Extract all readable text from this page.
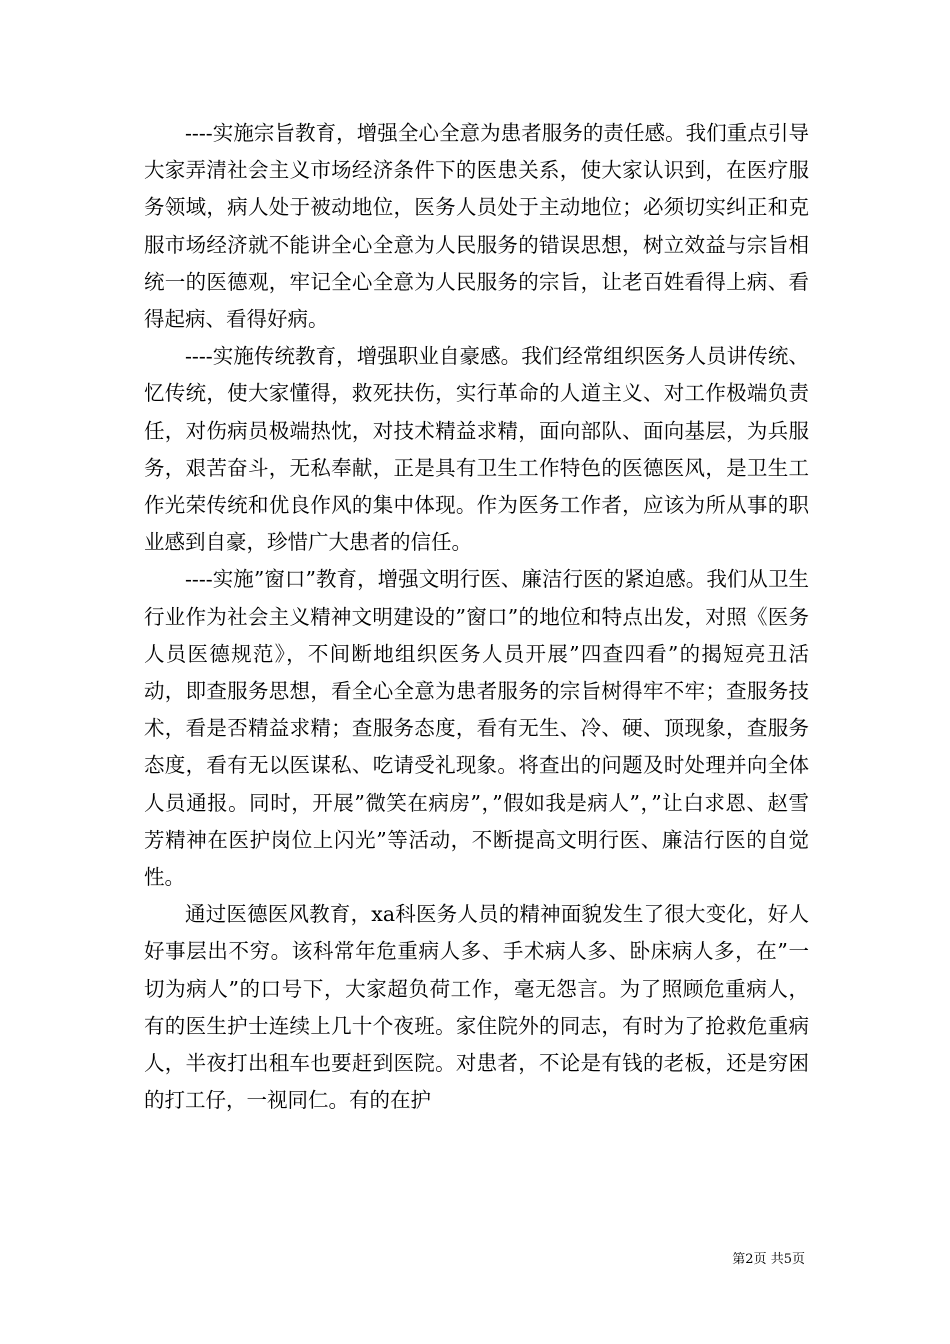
----实施宗旨教育，增强全心全意为患者服务的责任感。我们重点引导大家弄清社会主义市场经济条件下的医患关系，使大家认识到，在医疗服务领域，病人处于被动地位，医务人员处于主动地位；必须切实纠正和克服市场经济就不能讲全心全意为人民服务的错误思想，树立效益与宗旨相统一的医德观，牢记全心全意为人民服务的宗旨，让老百姓看得上病、看得起病、看得好病。

----实施传统教育，增强职业自豪感。我们经常组织医务人员讲传统、忆传统，使大家懂得，救死扶伤，实行革命的人道主义、对工作极端负责任，对伤病员极端热忱，对技术精益求精，面向部队、面向基层，为兵服务，艰苦奋斗，无私奉献，正是具有卫生工作特色的医德医风，是卫生工作光荣传统和优良作风的集中体现。作为医务工作者，应该为所从事的职业感到自豪，珍惜广大患者的信任。

----实施”窗口”教育，增强文明行医、廉洁行医的紧迫感。我们从卫生行业作为社会主义精神文明建设的”窗口”的地位和特点出发，对照《医务人员医德规范》，不间断地组织医务人员开展”四查四看”的揭短亮丑活动，即查服务思想，看全心全意为患者服务的宗旨树得牢不牢；查服务技术，看是否精益求精；查服务态度，看有无生、冷、硬、顶现象，查服务态度，看有无以医谋私、吃请受礼现象。将查出的问题及时处理并向全体人员通报。同时，开展”微笑在病房”，”假如我是病人”，”让白求恩、赵雪芳精神在医护岗位上闪光”等活动，不断提高文明行医、廉洁行医的自觉性。

通过医德医风教育，xa科医务人员的精神面貌发生了很大变化，好人好事层出不穷。该科常年危重病人多、手术病人多、卧床病人多，在”一切为病人”的口号下，大家超负荷工作，毫无怨言。为了照顾危重病人，有的医生护士连续上几十个夜班。家住院外的同志，有时为了抢救危重病人，半夜打出租车也要赶到医院。对患者，不论是有钱的老板，还是穷困的打工仔，一视同仁。有的在护

第2页 共5页
